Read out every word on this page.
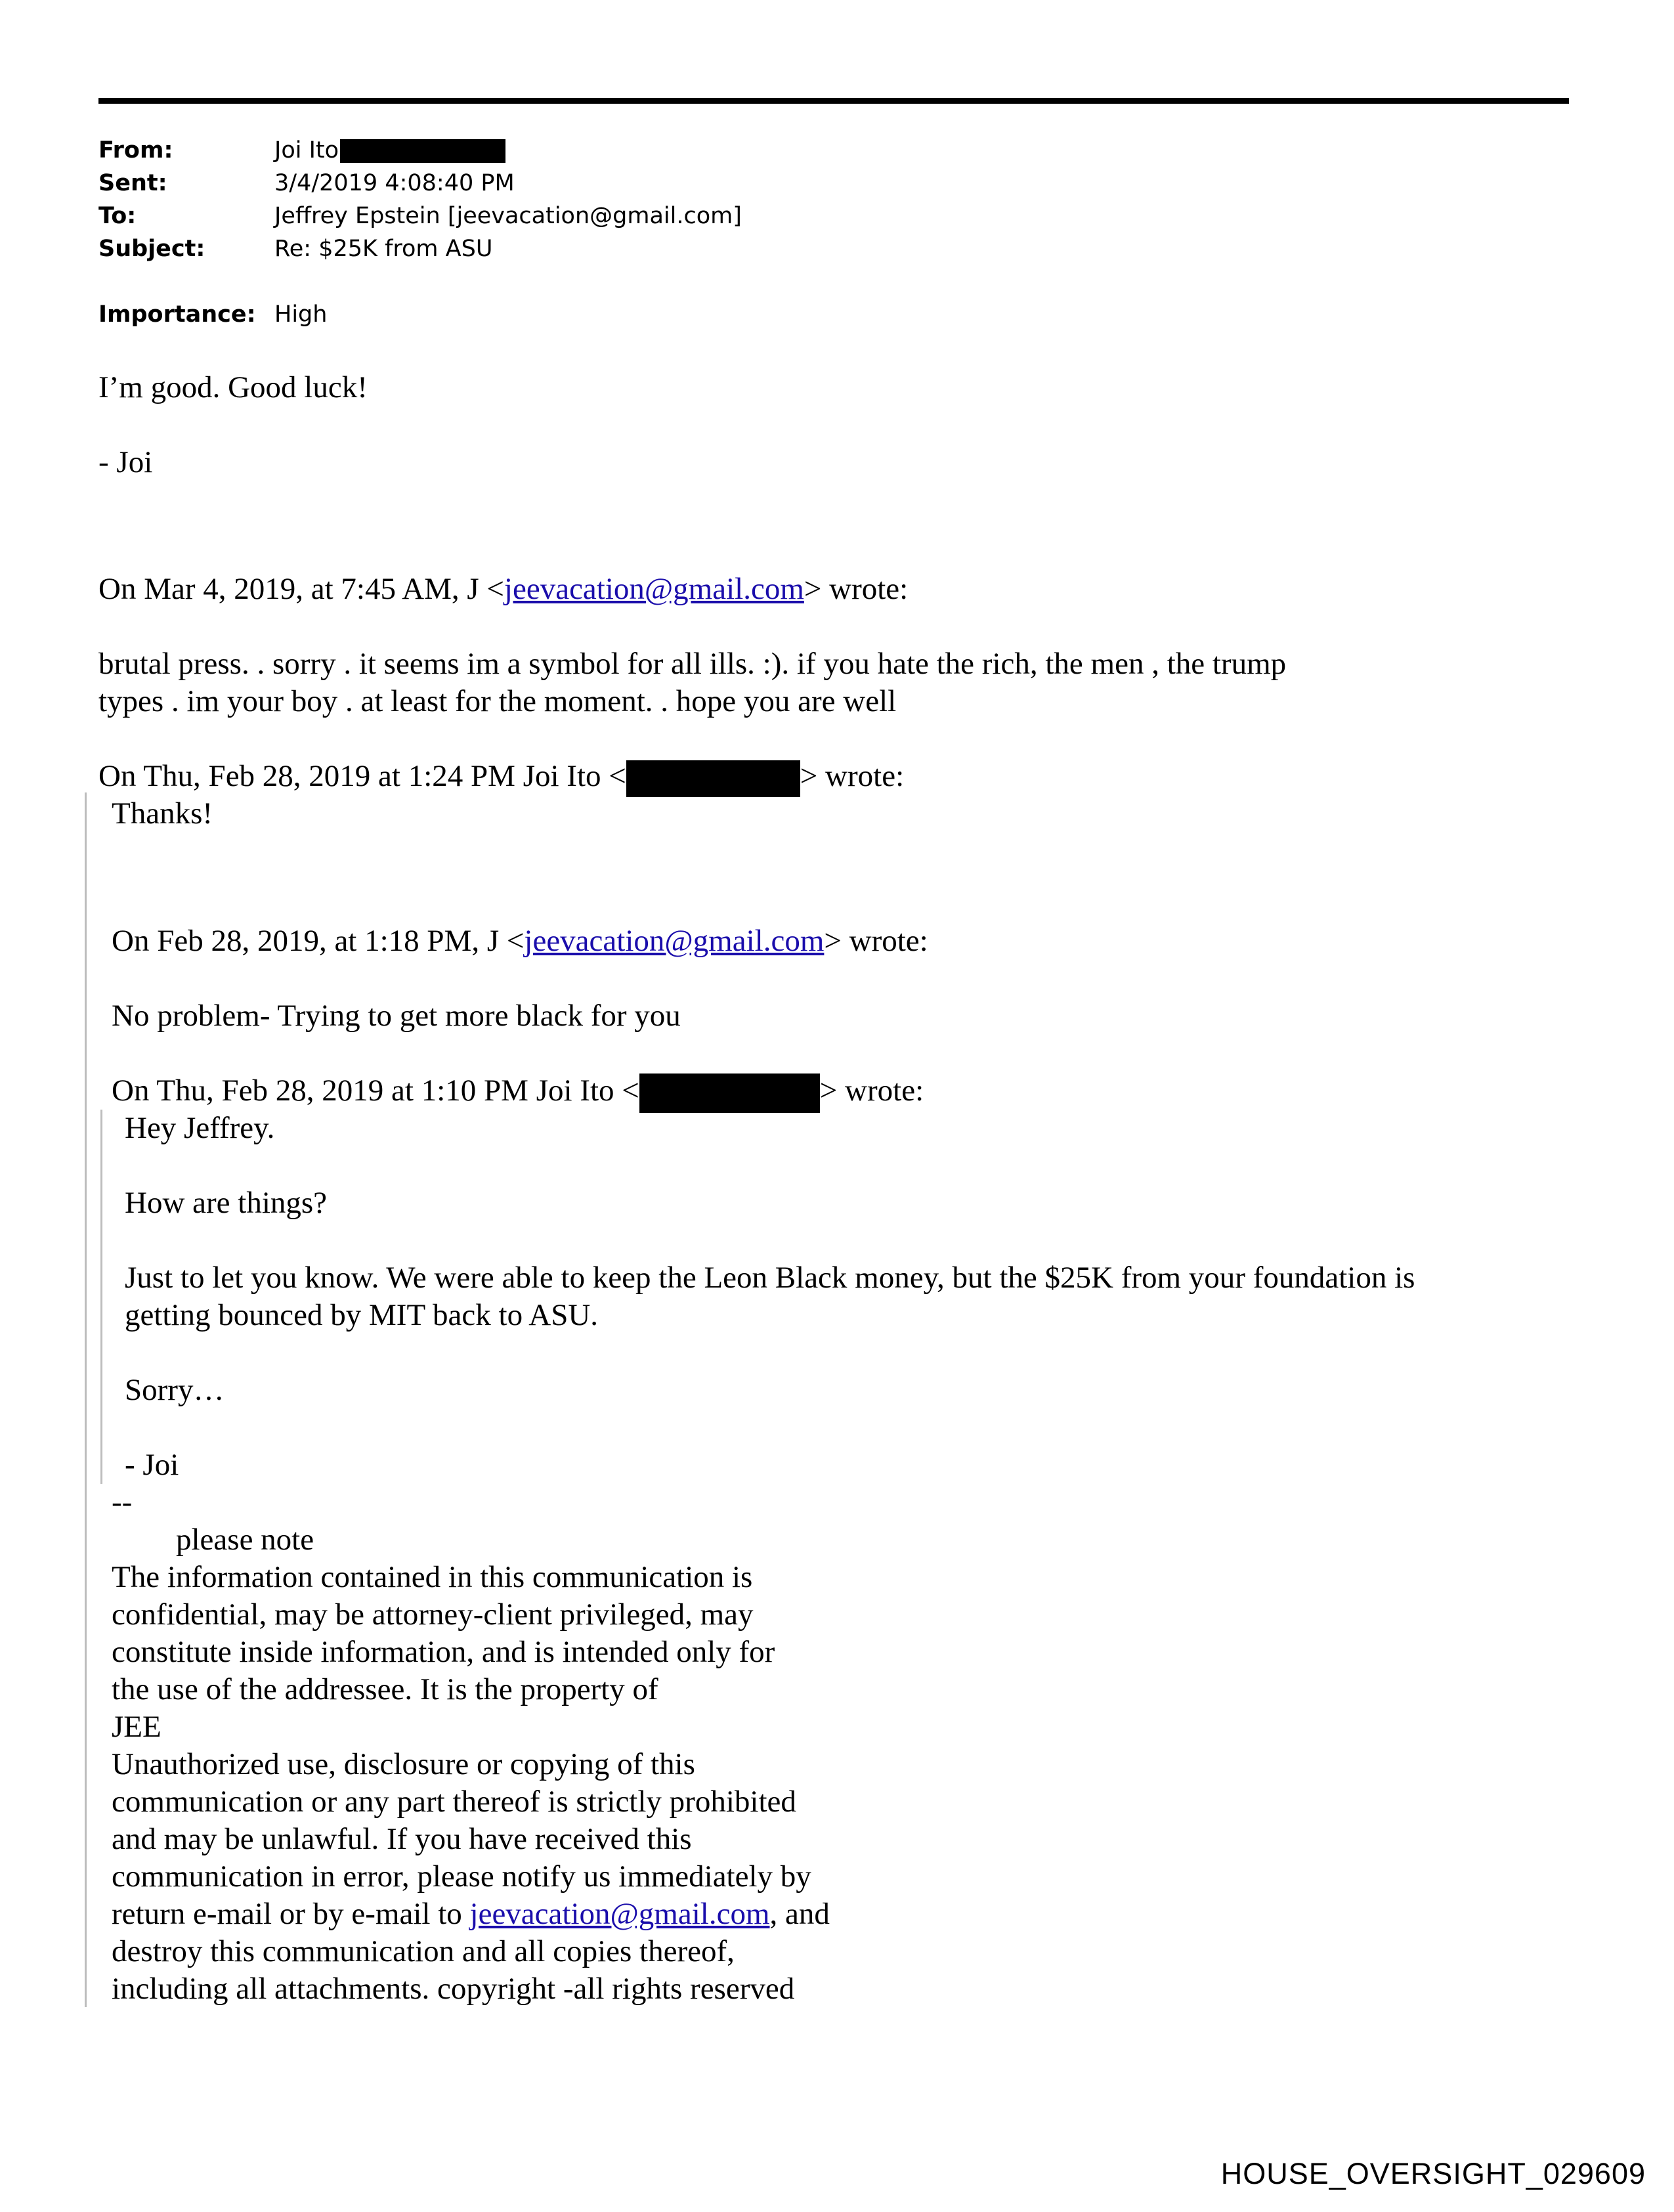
From:	Joi Ito
Sent:	3/4/2019 4:08:40 PM
To:	Jeffrey Epstein [jeevacation@gmail.com]
Subject:	Re: $25K from ASU
Importance: High
I’m good. Good luck!
- Joi
On Mar 4, 2019, at 7:45 AM, J <jeevacation@gmail.com> wrote:
brutal press. . sorry . it seems im a symbol for all ills. :). if you hate the rich, the men , the trump
types . im your boy . at least for the moment. . hope you are well
On Thu, Feb 28, 2019 at 1:24 PM Joi Ito <	> wrote:
Thanks!
On Feb 28, 2019, at 1:18 PM, J <jeevacation@gmail.com> wrote:
No problem- Trying to get more black for you
On Thu, Feb 28, 2019 at 1:10 PM Joi Ito <	> wrote:
Hey Jeffrey.
How are things?
Just to let you know. We were able to keep the Leon Black money, but the $25K from your foundation is
getting bounced by MIT back to ASU.
Sorry…
- Joi
--
please note
The information contained in this communication is
confidential, may be attorney-client privileged, may
constitute inside information, and is intended only for
the use of the addressee. It is the property of
JEE
Unauthorized use, disclosure or copying of this
communication or any part thereof is strictly prohibited
and may be unlawful. If you have received this
communication in error, please notify us immediately by
return e-mail or by e-mail to jeevacation@gmail.com, and
destroy this communication and all copies thereof,
including all attachments. copyright -all rights reserved
HOUSE_OVERSIGHT_029609
